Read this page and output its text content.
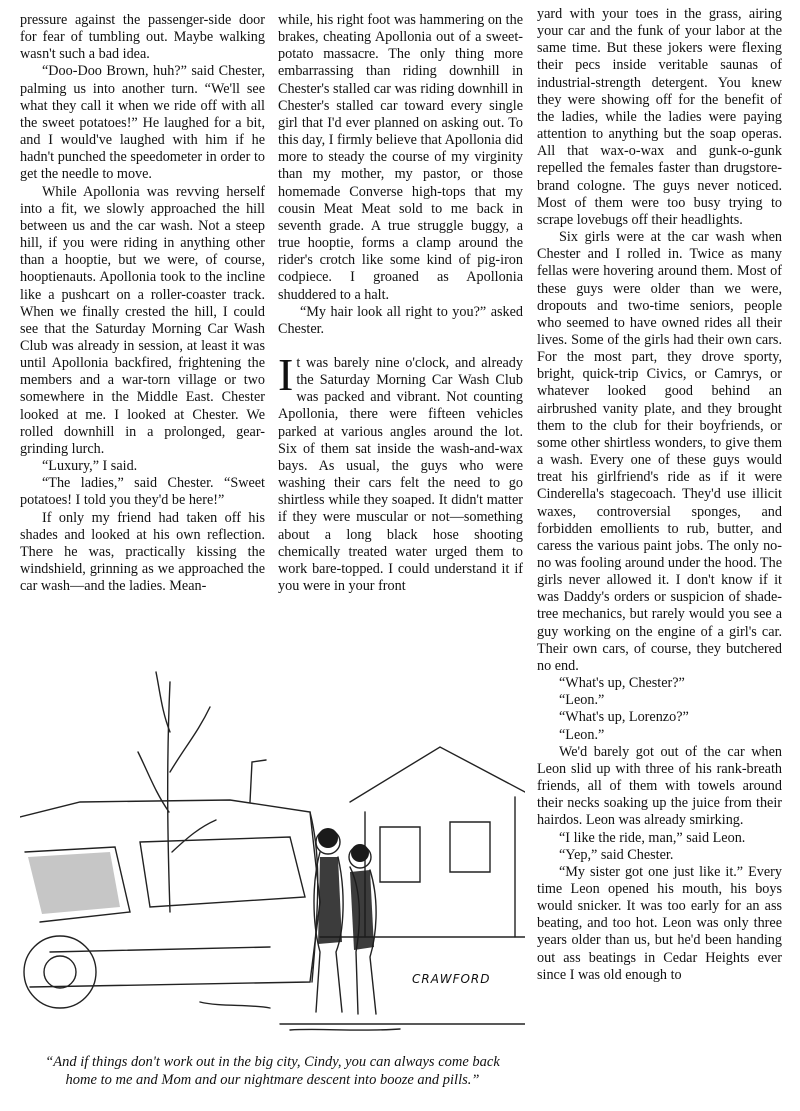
pressure against the passenger-side door for fear of tumbling out. Maybe walking wasn't such a bad idea.

“Doo-Doo Brown, huh?” said Chester, palming us into another turn. “We'll see what they call it when we ride off with all the sweet potatoes!” He laughed for a bit, and I would've laughed with him if he hadn't punched the speedometer in order to get the needle to move.

While Apollonia was revving herself into a fit, we slowly approached the hill between us and the car wash. Not a steep hill, if you were riding in anything other than a hooptie, but we were, of course, hooptienauts. Apollonia took to the incline like a pushcart on a roller-coaster track. When we finally crested the hill, I could see that the Saturday Morning Car Wash Club was already in session, at least it was until Apollonia backfired, frightening the members and a war-torn village or two somewhere in the Middle East. Chester looked at me. I looked at Chester. We rolled downhill in a prolonged, gear-grinding lurch.

“Luxury,” I said.

“The ladies,” said Chester. “Sweet potatoes! I told you they'd be here!”

If only my friend had taken off his shades and looked at his own reflection. There he was, practically kissing the windshield, grinning as we approached the car wash—and the ladies. Mean-

while, his right foot was hammering on the brakes, cheating Apollonia out of a sweet-potato massacre. The only thing more embarrassing than riding downhill in Chester's stalled car was riding downhill in Chester's stalled car toward every single girl that I'd ever planned on asking out. To this day, I firmly believe that Apollonia did more to steady the course of my virginity than my mother, my pastor, or those homemade Converse high-tops that my cousin Meat Meat sold to me back in seventh grade. A true struggle buggy, a true hooptie, forms a clamp around the rider's crotch like some kind of pig-iron codpiece. I groaned as Apollonia shuddered to a halt.

“My hair look all right to you?” asked Chester.

It was barely nine o'clock, and already the Saturday Morning Car Wash Club was packed and vibrant. Not counting Apollonia, there were fifteen vehicles parked at various angles around the lot. Six of them sat inside the wash-and-wax bays. As usual, the guys who were washing their cars felt the need to go shirtless while they soaped. It didn't matter if they were muscular or not—something about a long black hose shooting chemically treated water urged them to work bare-topped. I could understand it if you were in your front

yard with your toes in the grass, airing your car and the funk of your labor at the same time. But these jokers were flexing their pecs inside veritable saunas of industrial-strength detergent. You knew they were showing off for the benefit of the ladies, while the ladies were paying attention to anything but the soap operas. All that wax-o-wax and gunk-o-gunk repelled the females faster than drugstore-brand cologne. The guys never noticed. Most of them were too busy trying to scrape lovebugs off their headlights.

Six girls were at the car wash when Chester and I rolled in. Twice as many fellas were hovering around them. Most of these guys were older than we were, dropouts and two-time seniors, people who seemed to have owned rides all their lives. Some of the girls had their own cars. For the most part, they drove sporty, bright, quick-trip Civics, or Camrys, or whatever looked good behind an airbrushed vanity plate, and they brought them to the club for their boyfriends, or some other shirtless wonders, to give them a wash. Every one of these guys would treat his girlfriend's ride as if it were Cinderella's stagecoach. They'd use illicit waxes, controversial sponges, and forbidden emollients to rub, butter, and caress the various paint jobs. The only no-no was fooling around under the hood. The girls never allowed it. I don't know if it was Daddy's orders or suspicion of shade-tree mechanics, but rarely would you see a guy working on the engine of a girl's car. Their own cars, of course, they butchered no end.

“What's up, Chester?”

“Leon.”

“What's up, Lorenzo?”

“Leon.”

We'd barely got out of the car when Leon slid up with three of his rank-breath friends, all of them with towels around their necks soaking up the juice from their hairdos. Leon was already smirking.

“I like the ride, man,” said Leon.

“Yep,” said Chester.

“My sister got one just like it.” Every time Leon opened his mouth, his boys would snicker. It was too early for an ass beating, and too hot. Leon was only three years older than us, but he'd been handing out ass beatings in Cedar Heights ever since I was old enough to

CRAWFORD
“And if things don't work out in the big city, Cindy, you can always come back
home to me and Mom and our nightmare descent into booze and pills.”
